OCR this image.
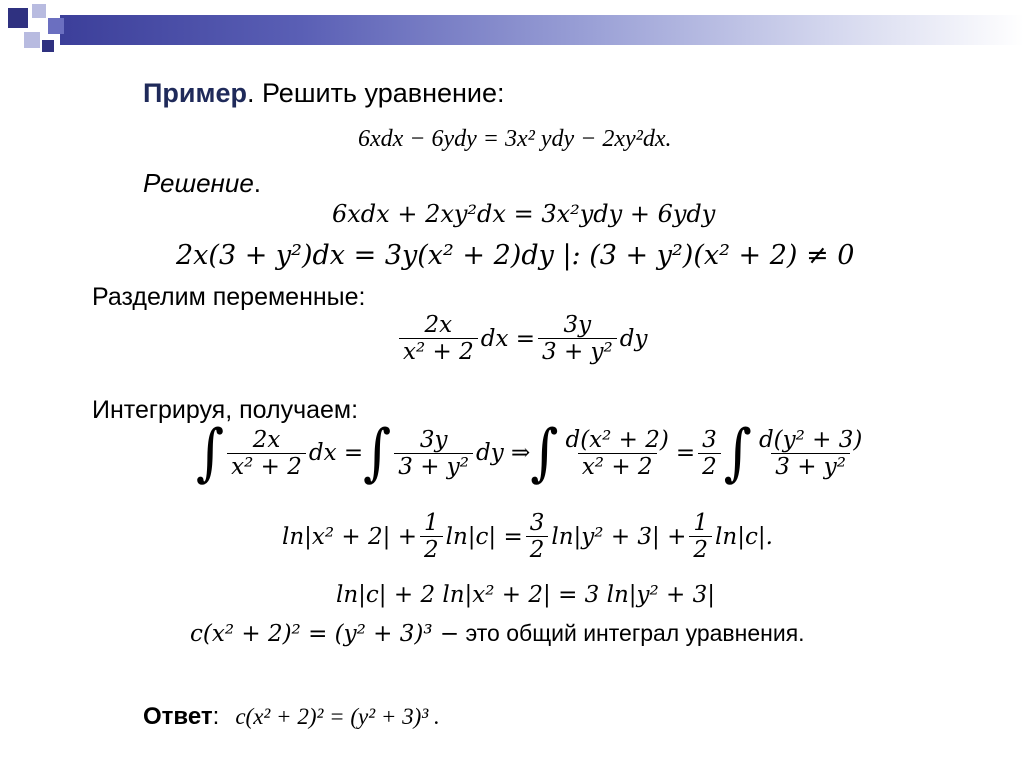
Пример. Решить уравнение:
6xdx − 6ydy = 3x² ydy − 2xy²dx.
Решение.
6xdx + 2xy²dx = 3x²ydy + 6ydy
2x(3 + y²)dx = 3y(x² + 2)dy |: (3 + y²)(x² + 2) ≠ 0
Разделим переменные:
$\frac{2x}{\text{x² + 2}}$ dx = $\frac{3y}{\text{3 + y²}}$ dy
Интегрируя, получаем:
∫ $\frac{2x}{\text{x² + 2}}$ dx = ∫ $\frac{3y}{\text{3 + y²}}$ dy ⇒ ∫ $\frac{\text{d(x² + 2)}}{\text{x² + 2}} = \frac{3}{2}$ ∫ $\frac{\text{d(y² + 3)}}{\text{3 + y²}}$
$\ln|x^2 + 2| + \frac{1}{2} \ln|c| = \frac{3}{2} \ln|y^2 + 3| + \frac{1}{2} \ln|c|$.
ln|c| + 2 ln|x² + 2| = 3 ln|y² + 3|
c(x² + 2)² = (y² + 3)³ − это общий интеграл уравнения.
Ответ : c(x² + 2)² = (y² + 3)³ .
